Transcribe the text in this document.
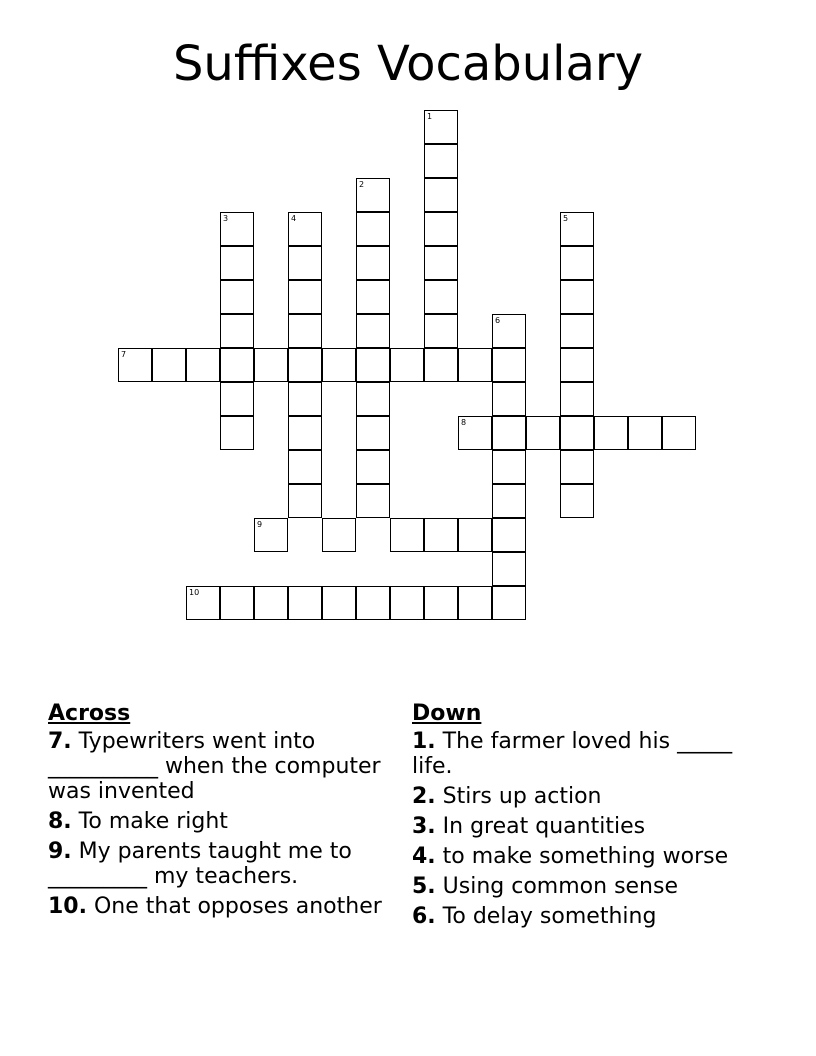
Suffixes Vocabulary
1
2
3	4	5
6
7
8
9
10
Across
7. Typewriters went into __________ when the computer was invented
8. To make right
9. My parents taught me to _________ my teachers.
10. One that opposes another
Down
1. The farmer loved his _____ life.
2. Stirs up action
3. In great quantities
4. to make something worse
5. Using common sense
6. To delay something
